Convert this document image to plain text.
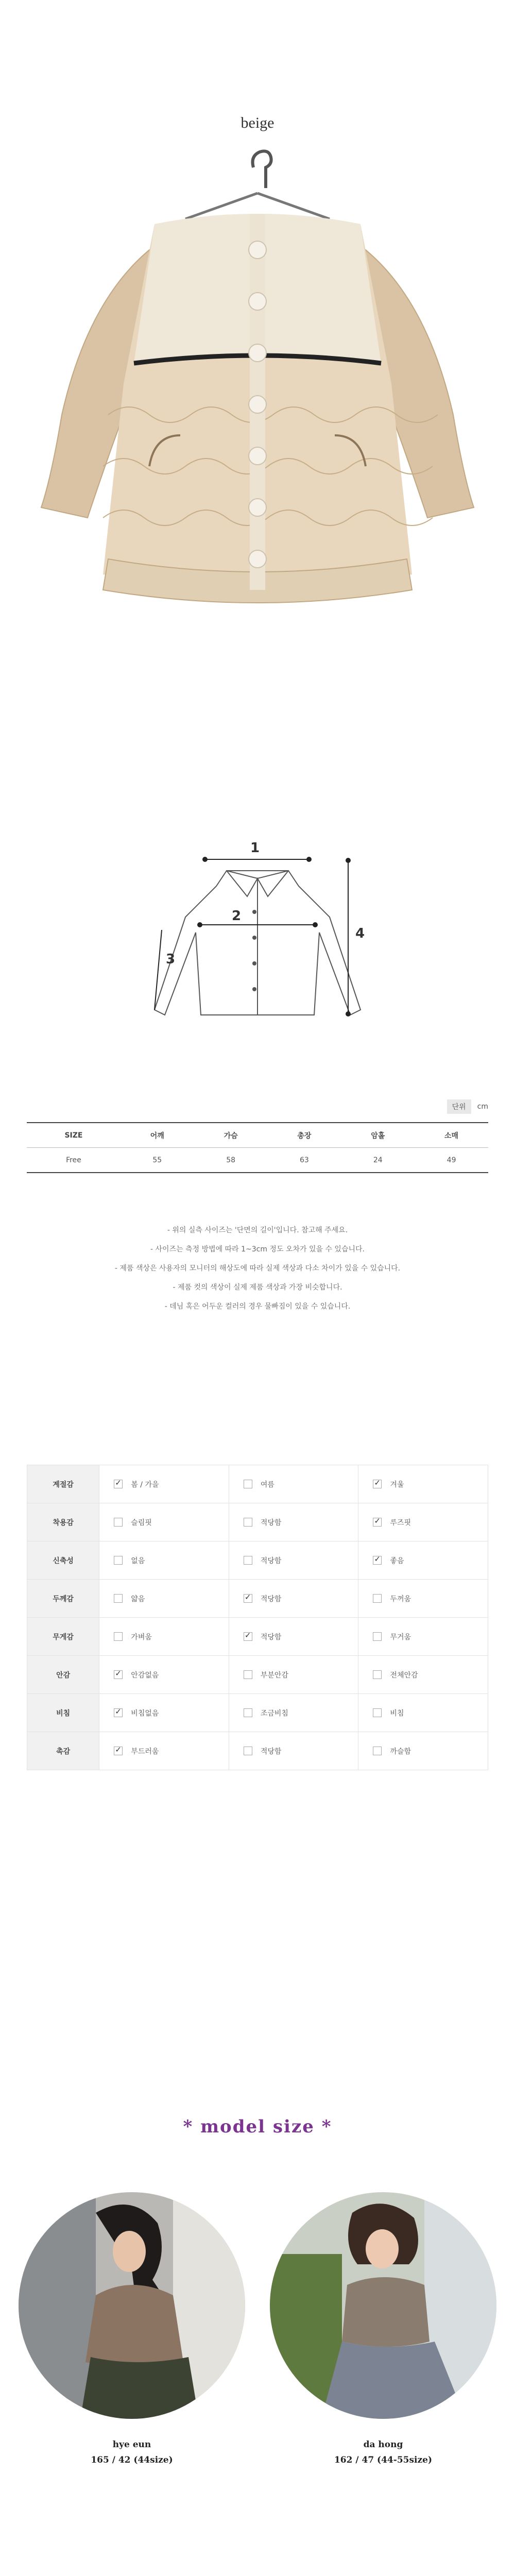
beige
1
2
3
4
단위	cm
SIZE	어깨	가슴	총장	암홀	소매
Free	55	58	63	24	49
- 위의 실측 사이즈는 '단면의 길이'입니다. 참고해 주세요.
- 사이즈는 측정 방법에 따라 1~3cm 정도 오차가 있을 수 있습니다.
- 제품 색상은 사용자의 모니터의 해상도에 따라 실제 색상과 다소 차이가 있을 수 있습니다.
- 제품 컷의 색상이 실제 제품 색상과 가장 비슷합니다.
- 데님 혹은 어두운 컬러의 경우 물빠짐이 있을 수 있습니다.
계절감	✓봄 / 가을	여름	✓겨울
착용감	슬림핏	적당함	✓루즈핏
신축성	없음	적당함	✓좋음
두께감	얇음	✓적당함	두꺼움
무게감	가벼움	✓적당함	무거움
안감	✓안감없음	부분안감	전체안감
비침	✓비침없음	조금비침	비침
촉감	✓부드러움	적당함	까슬함
* model size *
hye eun
165 / 42 (44size)
da hong
162 / 47 (44-55size)
